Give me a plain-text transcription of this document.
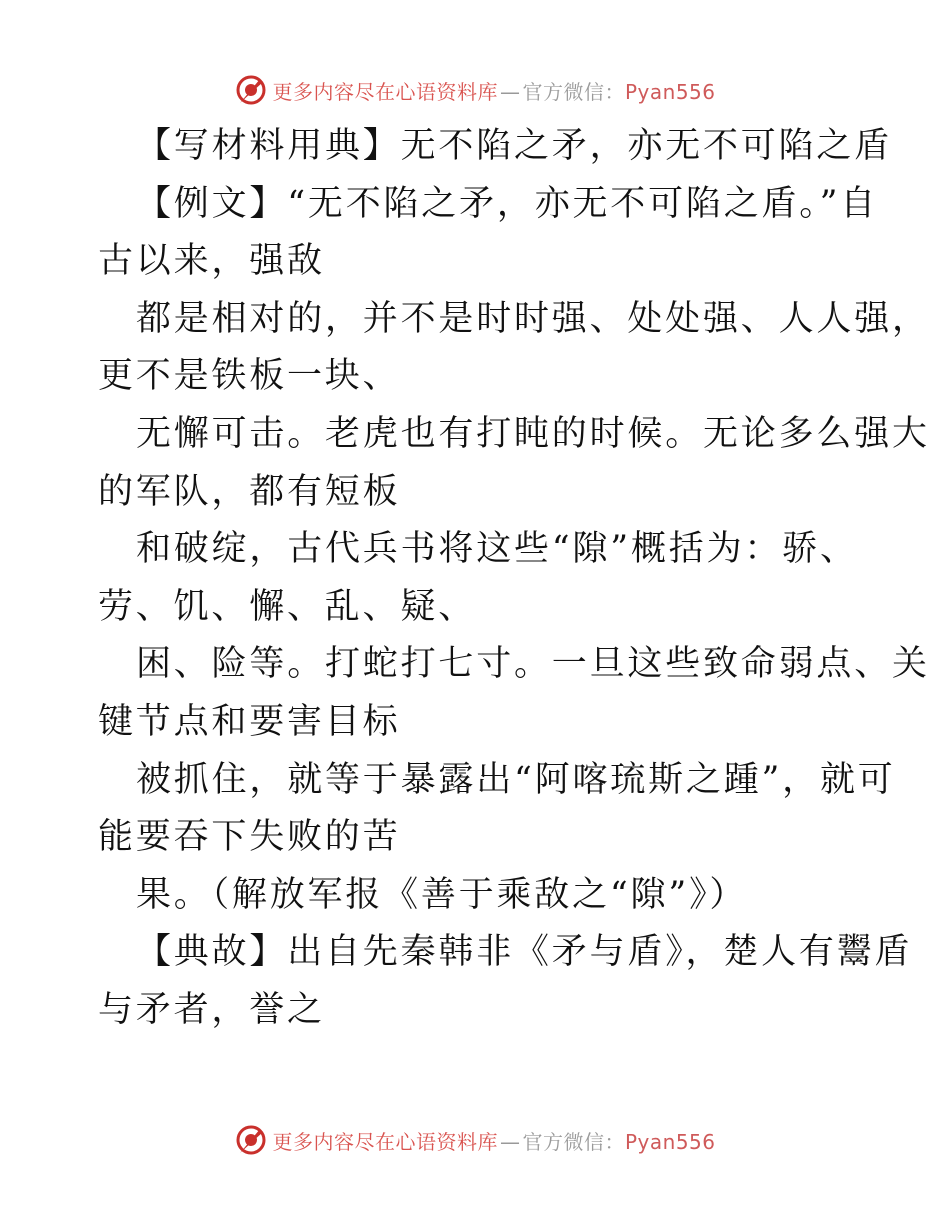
更多内容尽在心语资料库 — 官方微信：Pyan556
【写材料用典】无不陷之矛，亦无不可陷之盾
【例文】“无不陷之矛，亦无不可陷之盾。”自
古以来，强敌
都是相对的，并不是时时强、处处强、人人强，
更不是铁板一块、
无懈可击。老虎也有打盹的时候。无论多么强大
的军队，都有短板
和破绽，古代兵书将这些“隙”概括为：骄、
劳、饥、懈、乱、疑、
困、险等。打蛇打七寸。一旦这些致命弱点、关
键节点和要害目标
被抓住，就等于暴露出“阿喀琉斯之踵”，就可
能要吞下失败的苦
果。（解放军报《善于乘敌之“隙”》）
【典故】出自先秦韩非《矛与盾》，楚人有鬻盾
与矛者，誉之
更多内容尽在心语资料库 — 官方微信：Pyan556
